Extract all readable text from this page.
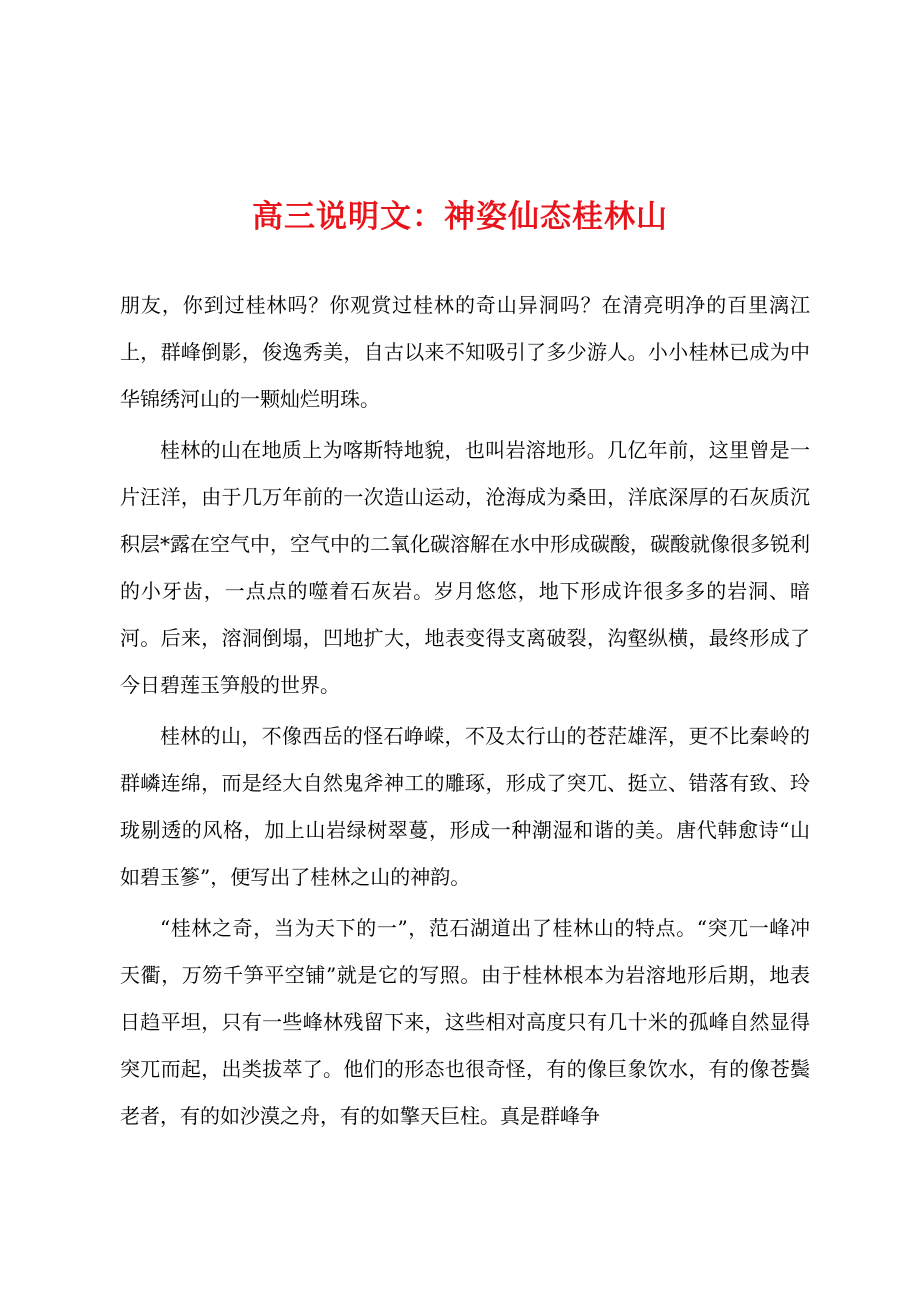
高三说明文：神姿仙态桂林山

朋友，你到过桂林吗？你观赏过桂林的奇山异洞吗？在清亮明净的百里漓江上，群峰倒影，俊逸秀美，自古以来不知吸引了多少游人。小小桂林已成为中华锦绣河山的一颗灿烂明珠。

桂林的山在地质上为喀斯特地貌，也叫岩溶地形。几亿年前，这里曾是一片汪洋，由于几万年前的一次造山运动，沧海成为桑田，洋底深厚的石灰质沉积层*露在空气中，空气中的二氧化碳溶解在水中形成碳酸，碳酸就像很多锐利的小牙齿，一点点的噬着石灰岩。岁月悠悠，地下形成许很多多的岩洞、暗河。后来，溶洞倒塌，凹地扩大，地表变得支离破裂，沟壑纵横，最终形成了今日碧莲玉笋般的世界。

桂林的山，不像西岳的怪石峥嵘，不及太行山的苍茫雄浑，更不比秦岭的群嶙连绵，而是经大自然鬼斧神工的雕琢，形成了突兀、挺立、错落有致、玲珑剔透的风格，加上山岩绿树翠蔓，形成一种潮湿和谐的美。唐代韩愈诗“山如碧玉篸”，便写出了桂林之山的神韵。

“桂林之奇，当为天下的一”，范石湖道出了桂林山的特点。“突兀一峰冲天衢，万笏千笋平空铺”就是它的写照。由于桂林根本为岩溶地形后期，地表日趋平坦，只有一些峰林残留下来，这些相对高度只有几十米的孤峰自然显得突兀而起，出类拔萃了。他们的形态也很奇怪，有的像巨象饮水，有的像苍鬓老者，有的如沙漠之舟，有的如擎天巨柱。真是群峰争
